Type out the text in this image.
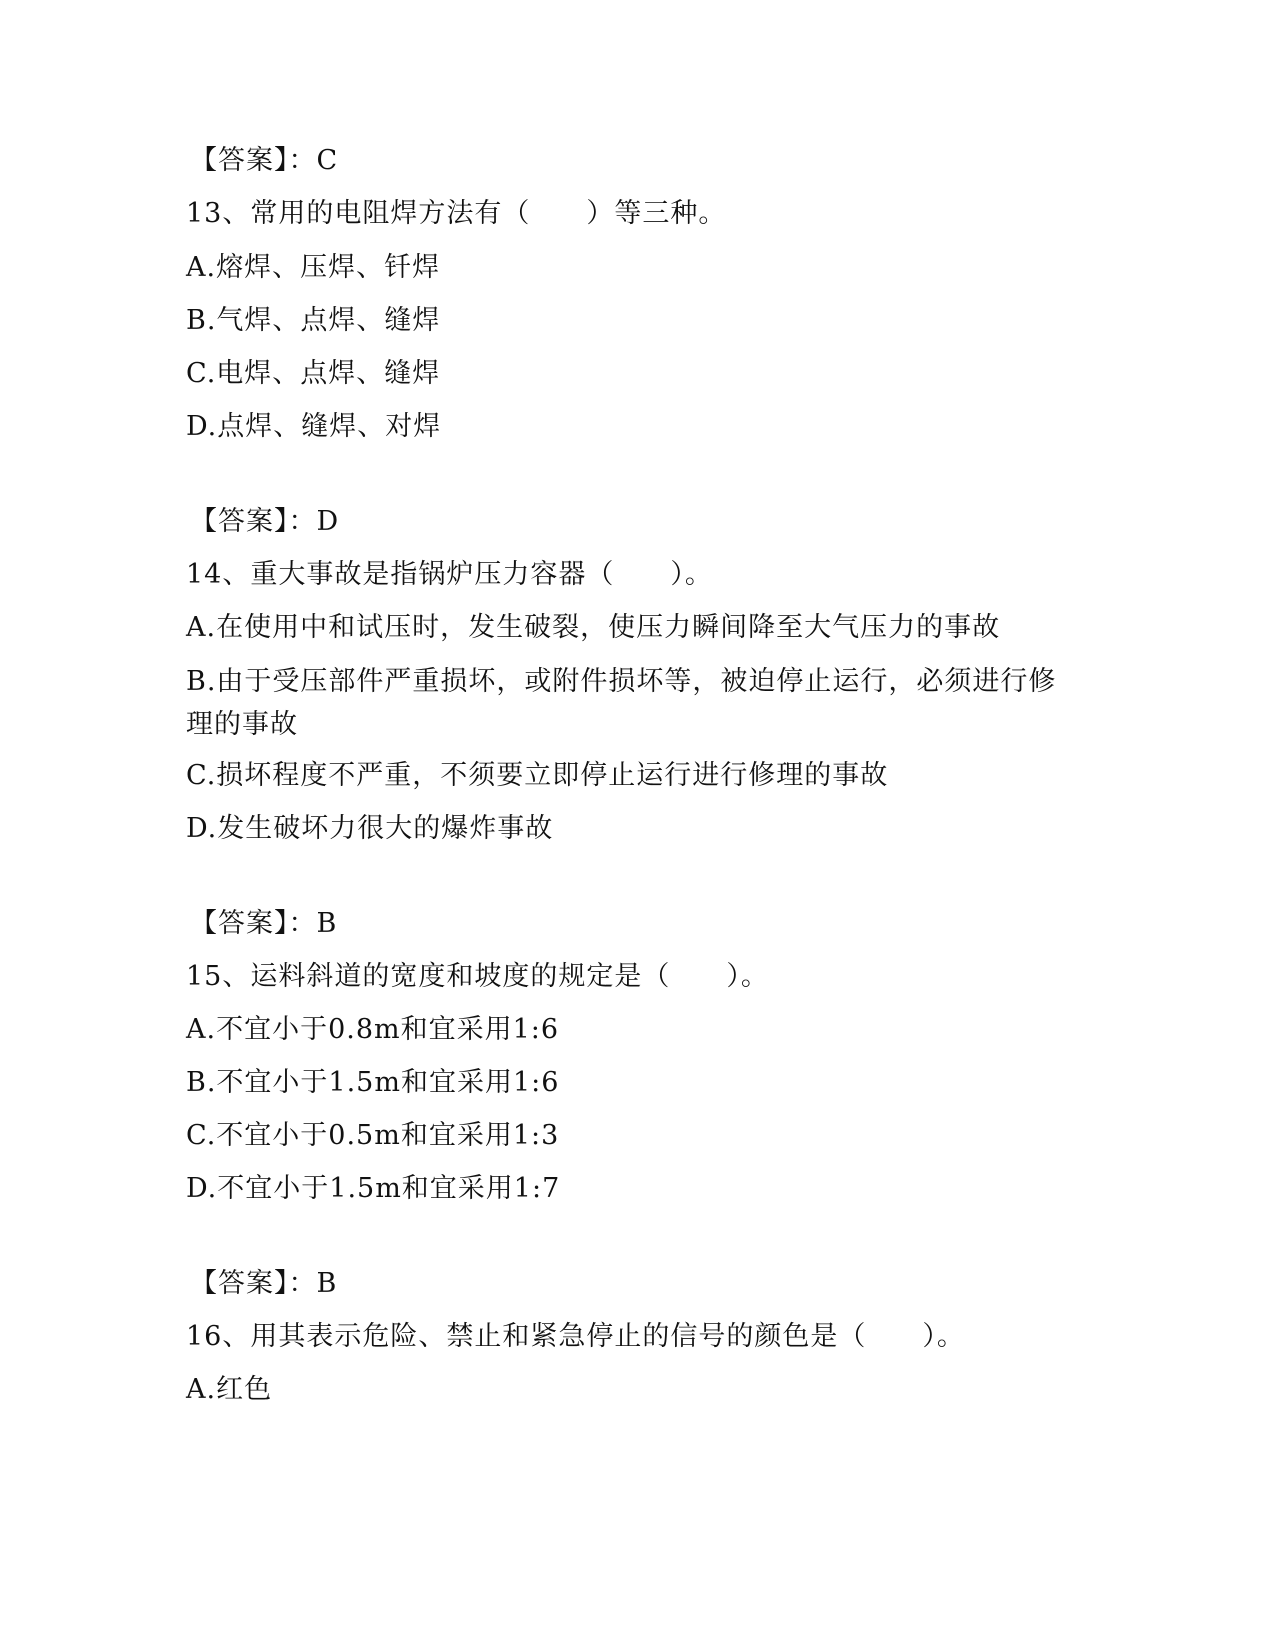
【答案】：C
13、常用的电阻焊方法有（　　）等三种。
A.熔焊、压焊、钎焊
B.气焊、点焊、缝焊
C.电焊、点焊、缝焊
D.点焊、缝焊、对焊
【答案】：D
14、重大事故是指锅炉压力容器（　　）。
A.在使用中和试压时，发生破裂，使压力瞬间降至大气压力的事故
B.由于受压部件严重损坏，或附件损坏等，被迫停止运行，必须进行修理的事故
C.损坏程度不严重，不须要立即停止运行进行修理的事故
D.发生破坏力很大的爆炸事故
【答案】：B
15、运料斜道的宽度和坡度的规定是（　　）。
A.不宜小于0.8m和宜采用1:6
B.不宜小于1.5m和宜采用1:6
C.不宜小于0.5m和宜采用1:3
D.不宜小于1.5m和宜采用1:7
【答案】：B
16、用其表示危险、禁止和紧急停止的信号的颜色是（　　）。
A.红色
